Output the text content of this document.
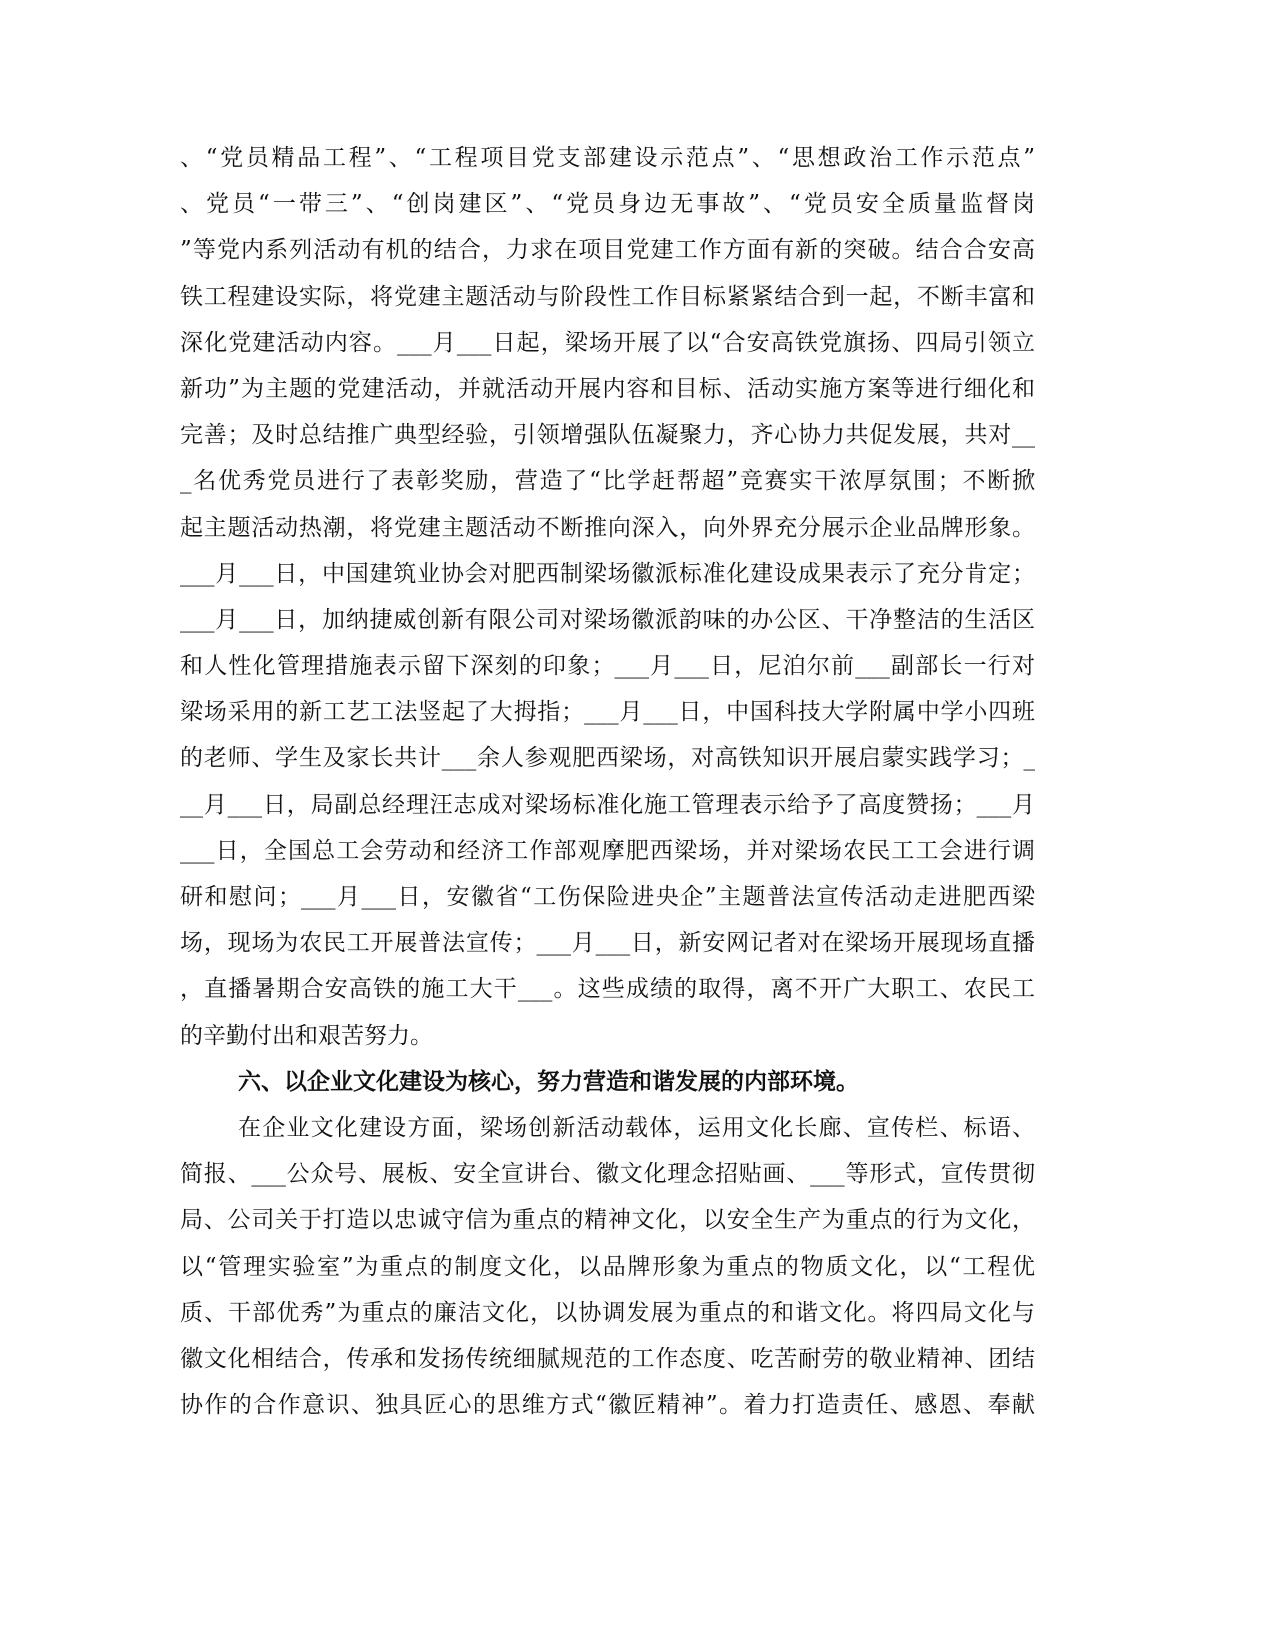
、“党员精品工程”、“工程项目党支部建设示范点”、“思想政治工作示范点”
、党员“一带三”、“创岗建区”、“党员身边无事故”、“党员安全质量监督岗
”等党内系列活动有机的结合，力求在项目党建工作方面有新的突破。结合合安高
铁工程建设实际，将党建主题活动与阶段性工作目标紧紧结合到一起，不断丰富和
深化党建活动内容。___月___日起，梁场开展了以“合安高铁党旗扬、四局引领立
新功”为主题的党建活动，并就活动开展内容和目标、活动实施方案等进行细化和
完善；及时总结推广典型经验，引领增强队伍凝聚力，齐心协力共促发展，共对__
_名优秀党员进行了表彰奖励，营造了“比学赶帮超”竞赛实干浓厚氛围；不断掀
起主题活动热潮，将党建主题活动不断推向深入，向外界充分展示企业品牌形象。
___月___日，中国建筑业协会对肥西制梁场徽派标准化建设成果表示了充分肯定；
___月___日，加纳捷威创新有限公司对梁场徽派韵味的办公区、干净整洁的生活区
和人性化管理措施表示留下深刻的印象；___月___日，尼泊尔前___副部长一行对
梁场采用的新工艺工法竖起了大拇指；___月___日，中国科技大学附属中学小四班
的老师、学生及家长共计___余人参观肥西梁场，对高铁知识开展启蒙实践学习；_
__月___日，局副总经理汪志成对梁场标准化施工管理表示给予了高度赞扬；___月
___日，全国总工会劳动和经济工作部观摩肥西梁场，并对梁场农民工工会进行调
研和慰问；___月___日，安徽省“工伤保险进央企”主题普法宣传活动走进肥西梁
场，现场为农民工开展普法宣传；___月___日，新安网记者对在梁场开展现场直播
，直播暑期合安高铁的施工大干___。这些成绩的取得，离不开广大职工、农民工
的辛勤付出和艰苦努力。
六、以企业文化建设为核心，努力营造和谐发展的内部环境。
在企业文化建设方面，梁场创新活动载体，运用文化长廊、宣传栏、标语、
简报、___公众号、展板、安全宣讲台、徽文化理念招贴画、___等形式，宣传贯彻
局、公司关于打造以忠诚守信为重点的精神文化，以安全生产为重点的行为文化，
以“管理实验室”为重点的制度文化，以品牌形象为重点的物质文化，以“工程优
质、干部优秀”为重点的廉洁文化，以协调发展为重点的和谐文化。将四局文化与
徽文化相结合，传承和发扬传统细腻规范的工作态度、吃苦耐劳的敬业精神、团结
协作的合作意识、独具匠心的思维方式“徽匠精神”。着力打造责任、感恩、奉献
